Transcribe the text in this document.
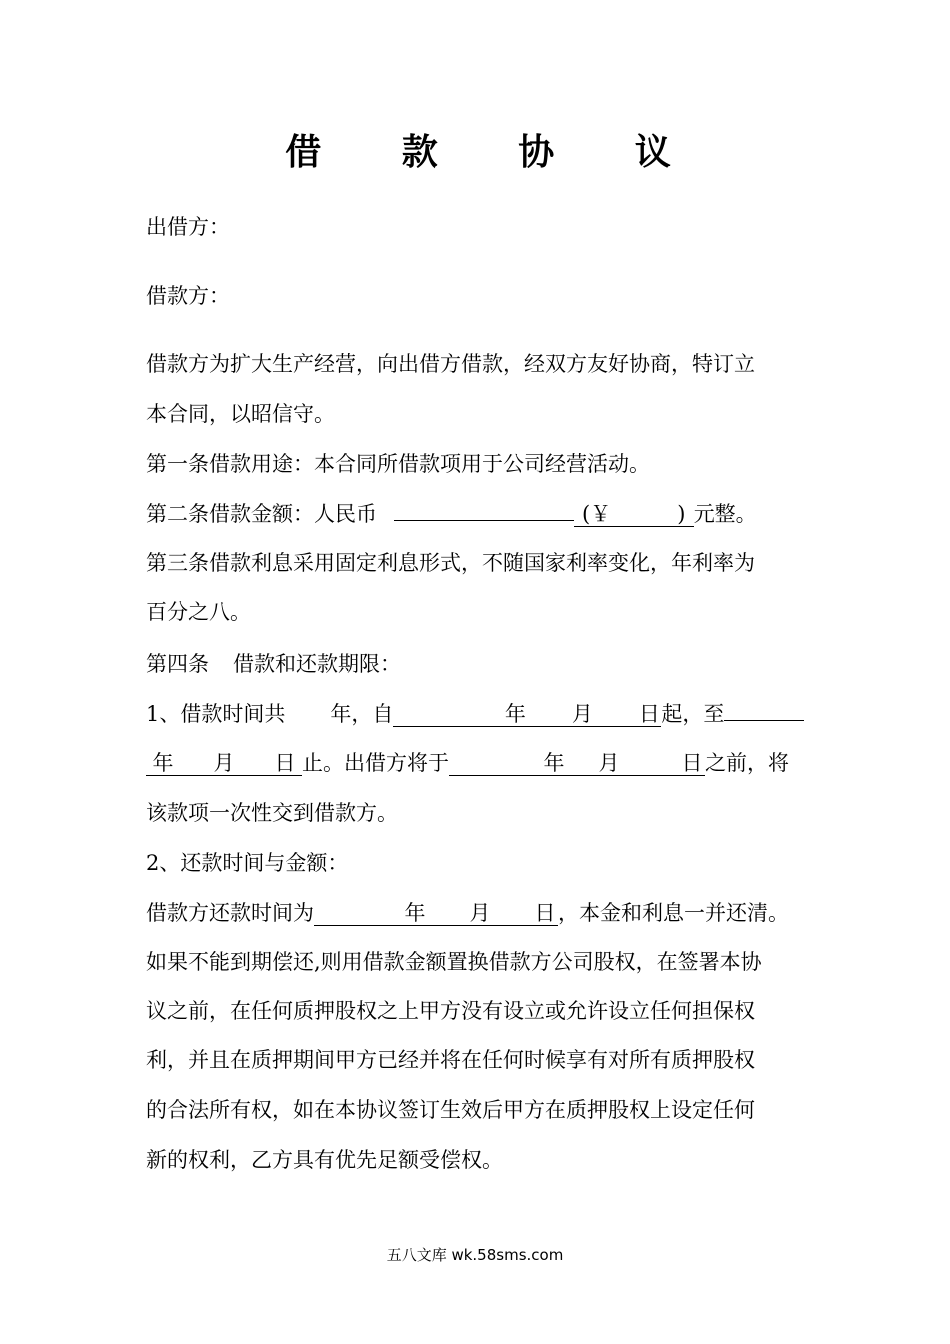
借 款 协 议
出借方：
借款方：
借款方为扩大生产经营，向出借方借款，经双方友好协商，特订立
本合同，以昭信守。
第一条借款用途：本合同所借款项用于公司经营活动。
第二条借款金额：人民币	(￥	) 元整。
第三条借款利息采用固定利息形式，不随国家利率变化，年利率为
百分之八。
第四条 借款和还款期限：
1、借款时间共 年，自	年 月 日起，至
年 月 日 止。出借方将于	年 月	日 之前，将
该款项一次性交到借款方。
2、还款时间与金额：
借款方还款时间为	年 月 日 ，本金和利息一并还清。
如果不能到期偿还,则用借款金额置换借款方公司股权，在签署本协
议之前，在任何质押股权之上甲方没有设立或允许设立任何担保权
利，并且在质押期间甲方已经并将在任何时候享有对所有质押股权
的合法所有权，如在本协议签订生效后甲方在质押股权上设定任何
新的权利，乙方具有优先足额受偿权。
五八文库 wk.58sms.com
